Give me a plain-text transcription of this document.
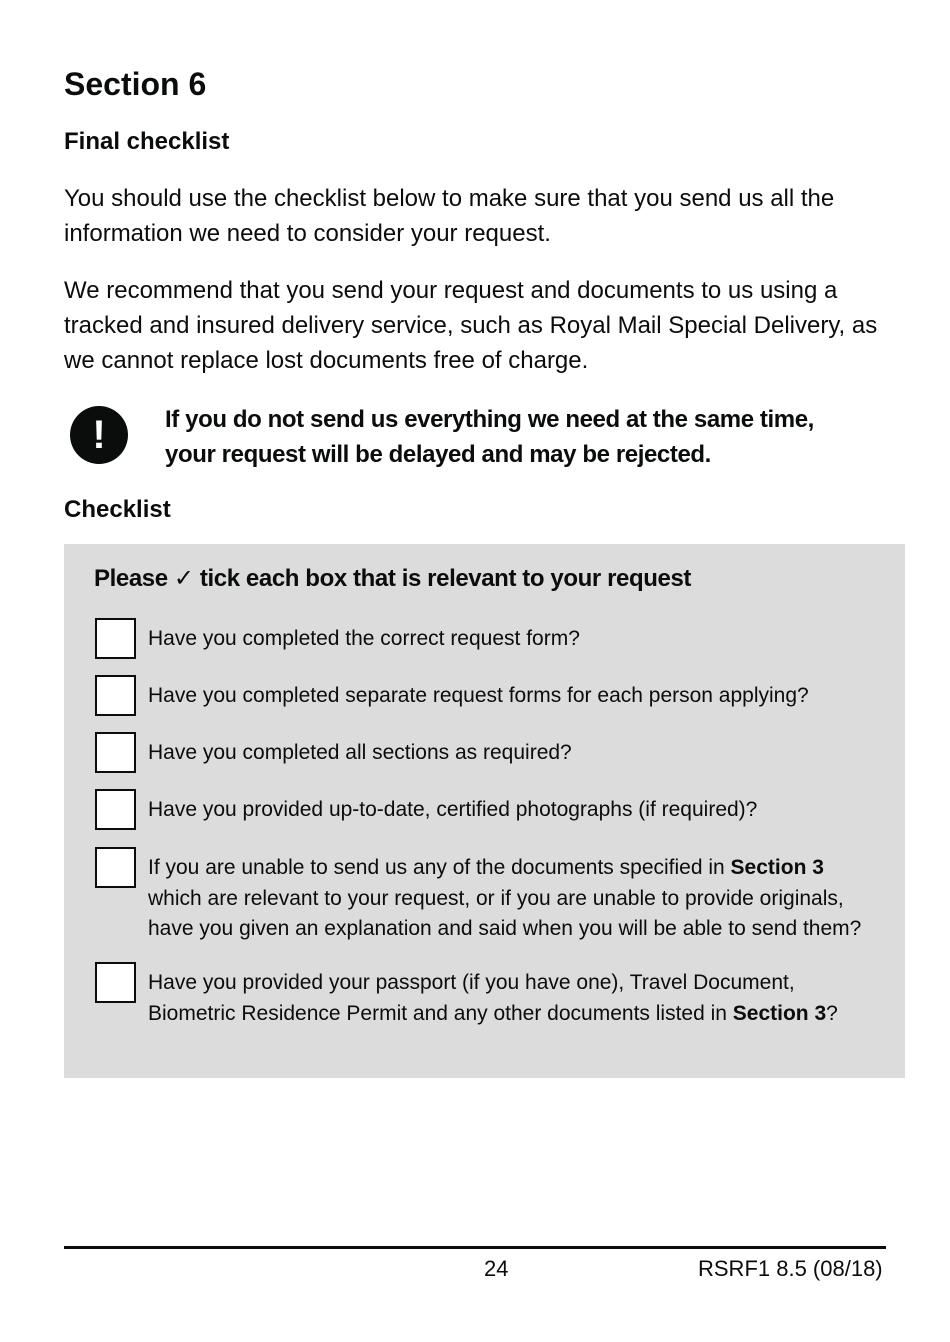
Section 6
Final checklist

You should use the checklist below to make sure that you send us all the information we need to consider your request.

We recommend that you send your request and documents to us using a tracked and insured delivery service, such as Royal Mail Special Delivery, as we cannot replace lost documents free of charge.

!	If you do not send us everything we need at the same time, your request will be delayed and may be rejected.

Checklist

Please ✓ tick each box that is relevant to your request

Have you completed the correct request form?

Have you completed separate request forms for each person applying?

Have you completed all sections as required?

Have you provided up-to-date, certified photographs (if required)?

If you are unable to send us any of the documents specified in Section 3 which are relevant to your request, or if you are unable to provide originals, have you given an explanation and said when you will be able to send them?

Have you provided your passport (if you have one), Travel Document, Biometric Residence Permit and any other documents listed in Section 3?

24	RSRF1 8.5 (08/18)
